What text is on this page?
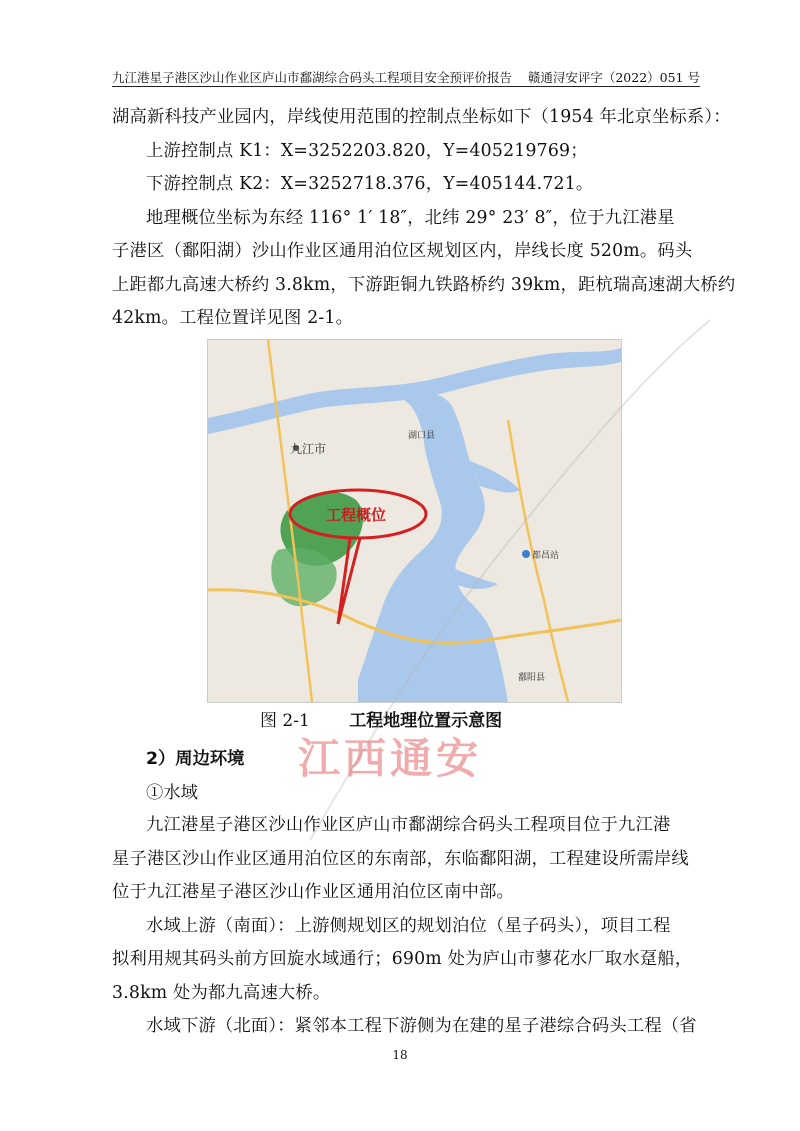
九江港星子港区沙山作业区庐山市鄱湖综合码头工程项目安全预评价报告 赣通浔安评字（2022）051 号
湖高新科技产业园内，岸线使用范围的控制点坐标如下（1954 年北京坐标系）：
上游控制点 K1：X=3252203.820，Y=405219769；
下游控制点 K2：X=3252718.376，Y=405144.721。
地理概位坐标为东经 116° 1′ 18″，北纬 29° 23′ 8″，位于九江港星
子港区（鄱阳湖）沙山作业区通用泊位区规划区内，岸线长度 520m。码头
上距都九高速大桥约 3.8km，下游距铜九铁路桥约 39km，距杭瑞高速湖大桥约
42km。工程位置详见图 2-1。
工程概位
九江市
湖口县
都昌站
鄱阳县
图 2-1 工程地理位置示意图
江西通安
2）周边环境
①水域
九江港星子港区沙山作业区庐山市鄱湖综合码头工程项目位于九江港
星子港区沙山作业区通用泊位区的东南部，东临鄱阳湖，工程建设所需岸线
位于九江港星子港区沙山作业区通用泊位区南中部。
水域上游（南面）：上游侧规划区的规划泊位（星子码头），项目工程
拟利用规其码头前方回旋水域通行；690m 处为庐山市蓼花水厂取水趸船，
3.8km 处为都九高速大桥。
水域下游（北面）：紧邻本工程下游侧为在建的星子港综合码头工程（省
18
